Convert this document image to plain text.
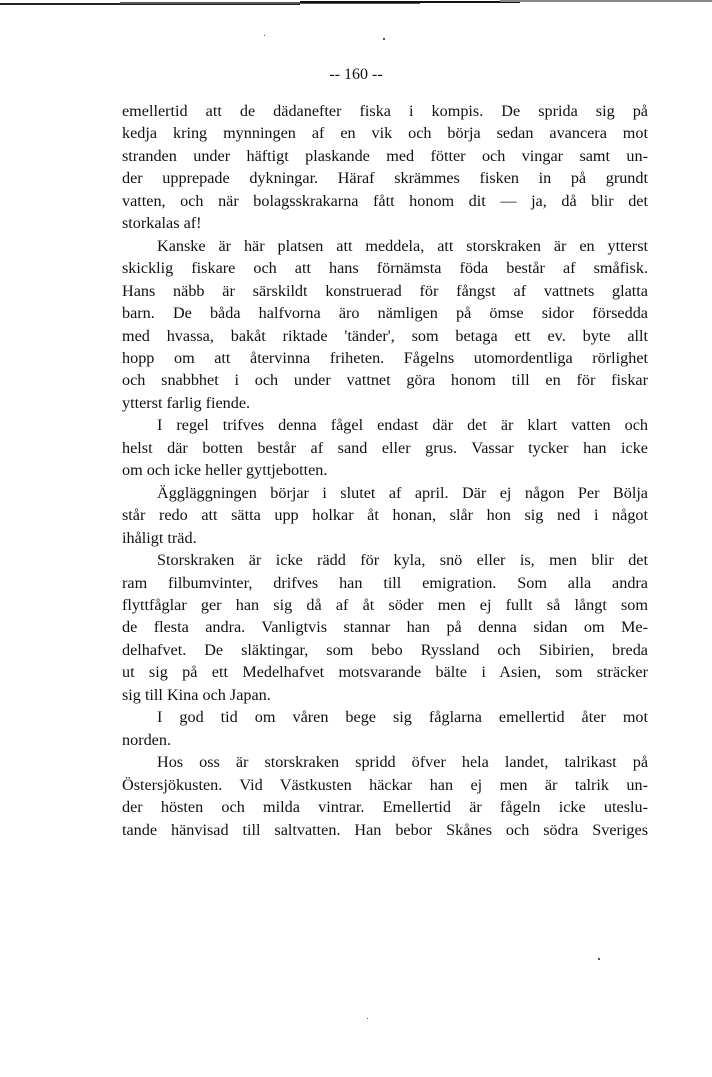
-- 160 --

emellertid att de dädanefter fiska i kompis. De sprida sig på
kedja kring mynningen af en vik och börja sedan avancera mot
stranden under häftigt plaskande med fötter och vingar samt un-
der upprepade dykningar. Häraf skrämmes fisken in på grundt
vatten, och när bolagsskrakarna fått honom dit — ja, då blir det
storkalas af!

Kanske är här platsen att meddela, att storskraken är en ytterst
skicklig fiskare och att hans förnämsta föda består af småfisk.
Hans näbb är särskildt konstruerad för fångst af vattnets glatta
barn. De båda halfvorna äro nämligen på ömse sidor försedda
med hvassa, bakåt riktade 'tänder', som betaga ett ev. byte allt
hopp om att återvinna friheten. Fågelns utomordentliga rörlighet
och snabbhet i och under vattnet göra honom till en för fiskar
ytterst farlig fiende.

I regel trifves denna fågel endast där det är klart vatten och
helst där botten består af sand eller grus. Vassar tycker han icke
om och icke heller gyttjebotten.

Äggläggningen börjar i slutet af april. Där ej någon Per Bölja
står redo att sätta upp holkar åt honan, slår hon sig ned i något
ihåligt träd.

Storskraken är icke rädd för kyla, snö eller is, men blir det
ram filbumvinter, drifves han till emigration. Som alla andra
flyttfåglar ger han sig då af åt söder men ej fullt så långt som
de flesta andra. Vanligtvis stannar han på denna sidan om Me-
delhafvet. De släktingar, som bebo Ryssland och Sibirien, breda
ut sig på ett Medelhafvet motsvarande bälte i Asien, som sträcker
sig till Kina och Japan.

I god tid om våren bege sig fåglarna emellertid åter mot
norden.

Hos oss är storskraken spridd öfver hela landet, talrikast på
Östersjökusten. Vid Västkusten häckar han ej men är talrik un-
der hösten och milda vintrar. Emellertid är fågeln icke uteslu-
tande hänvisad till saltvatten. Han bebor Skånes och södra Sveriges
